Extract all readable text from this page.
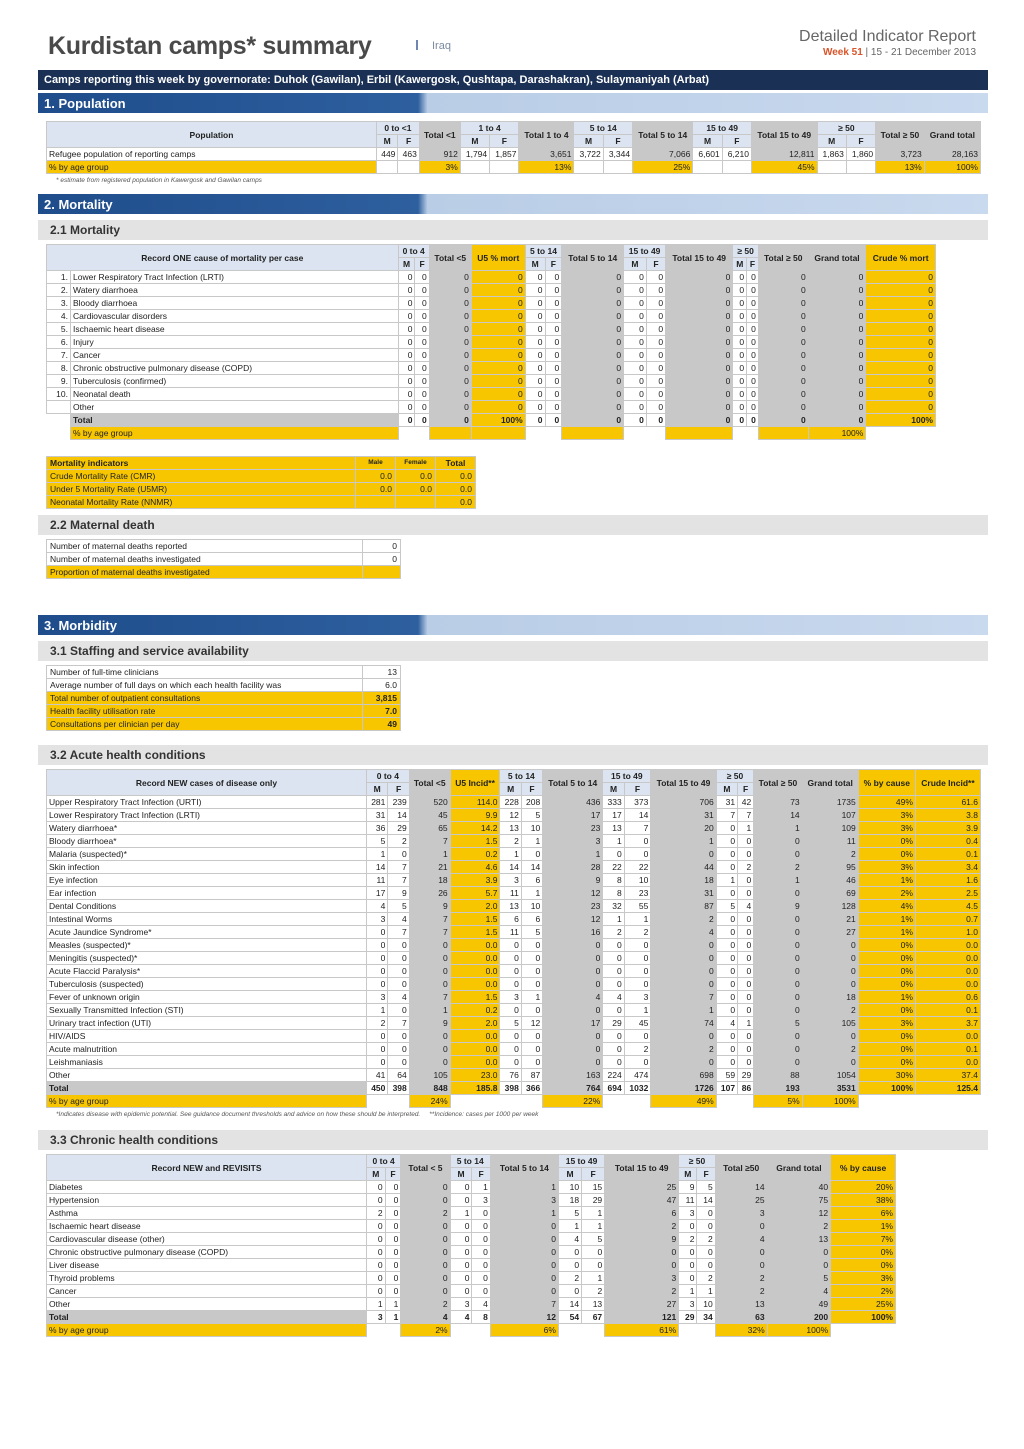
Kurdistan camps* summary	Iraq
Detailed Indicator Report
Week 51 | 15 - 21 December 2013
Camps reporting this week by governorate: Duhok (Gawilan), Erbil (Kawergosk, Qushtapa, Darashakran), Sulaymaniyah (Arbat)
1. Population
Population	0 to <1		Total <1	1 to 4		Total 1 to 4	5 to 14		Total 5 to 14	15 to 49		Total 15 to 49	≥ 50		Total ≥ 50	Grand total
	M	F		M	F		M	F		M	F		M	F		
Refugee population of reporting camps	449	463	912	1,794	1,857	3,651	3,722	3,344	7,066	6,601	6,210	12,811	1,863	1,860	3,723	28,163
% by age group			3%			13%			25%			45%			13%	100%
* estimate from registered population in Kawergosk and Gawilan camps
2. Mortality
2.1 Mortality
Record ONE cause of mortality per case		0 to 4		Total <5	U5 % mort	5 to 14		Total 5 to 14	15 to 49		Total 15 to 49	≥ 50		Total ≥ 50	Grand total	Crude % mort
		M	F			M	F		M	F		M	F			
1.	Lower Respiratory Tract Infection (LRTI)	0	0	0	0	0	0	0	0	0	0	0	0	0	0	0
2.	Watery diarrhoea	0	0	0	0	0	0	0	0	0	0	0	0	0	0	0
3.	Bloody diarrhoea	0	0	0	0	0	0	0	0	0	0	0	0	0	0	0
4.	Cardiovascular disorders	0	0	0	0	0	0	0	0	0	0	0	0	0	0	0
5.	Ischaemic heart disease	0	0	0	0	0	0	0	0	0	0	0	0	0	0	0
6.	Injury	0	0	0	0	0	0	0	0	0	0	0	0	0	0	0
7.	Cancer	0	0	0	0	0	0	0	0	0	0	0	0	0	0	0
8.	Chronic obstructive pulmonary disease (COPD)	0	0	0	0	0	0	0	0	0	0	0	0	0	0	0
9.	Tuberculosis (confirmed)	0	0	0	0	0	0	0	0	0	0	0	0	0	0	0
10.	Neonatal death	0	0	0	0	0	0	0	0	0	0	0	0	0	0	0
	Other	0	0	0	0	0	0	0	0	0	0	0	0	0	0	0
	Total	0	0	0	100%	0	0	0	0	0	0	0	0	0	0	100%
	% by age group														100%	
Mortality indicators	Male	Female	Total
Crude Mortality Rate (CMR)	0.0	0.0	0.0
Under 5 Mortality Rate (U5MR)	0.0	0.0	0.0
Neonatal Mortality Rate (NNMR)			0.0
2.2 Maternal death
Number of maternal deaths reported	0
Number of maternal deaths investigated	0
Proportion of maternal deaths investigated	
3. Morbidity
3.1 Staffing and service availability
Number of full-time clinicians	13
Average number of full days on which each health facility was	6.0
Total number of outpatient consultations	3,815
Health facility utilisation rate	7.0
Consultations per clinician per day	49
3.2 Acute health conditions
Record NEW cases of disease only	0 to 4		Total <5	U5 Incid**	5 to 14		Total 5 to 14	15 to 49		Total 15 to 49	≥ 50		Total ≥ 50	Grand total	% by cause	Crude Incid**
	M	F			M	F		M	F		M	F				
Upper Respiratory Tract Infection (URTI)	281	239	520	114.0	228	208	436	333	373	706	31	42	73	1735	49%	61.6
Lower Respiratory Tract Infection (LRTI)	31	14	45	9.9	12	5	17	17	14	31	7	7	14	107	3%	3.8
Watery diarrhoea*	36	29	65	14.2	13	10	23	13	7	20	0	1	1	109	3%	3.9
Bloody diarrhoea*	5	2	7	1.5	2	1	3	1	0	1	0	0	0	11	0%	0.4
Malaria (suspected)*	1	0	1	0.2	1	0	1	0	0	0	0	0	0	2	0%	0.1
Skin infection	14	7	21	4.6	14	14	28	22	22	44	0	2	2	95	3%	3.4
Eye infection	11	7	18	3.9	3	6	9	8	10	18	1	0	1	46	1%	1.6
Ear infection	17	9	26	5.7	11	1	12	8	23	31	0	0	0	69	2%	2.5
Dental Conditions	4	5	9	2.0	13	10	23	32	55	87	5	4	9	128	4%	4.5
Intestinal Worms	3	4	7	1.5	6	6	12	1	1	2	0	0	0	21	1%	0.7
Acute Jaundice Syndrome*	0	7	7	1.5	11	5	16	2	2	4	0	0	0	27	1%	1.0
Measles (suspected)*	0	0	0	0.0	0	0	0	0	0	0	0	0	0	0	0%	0.0
Meningitis (suspected)*	0	0	0	0.0	0	0	0	0	0	0	0	0	0	0	0%	0.0
Acute Flaccid Paralysis*	0	0	0	0.0	0	0	0	0	0	0	0	0	0	0	0%	0.0
Tuberculosis (suspected)	0	0	0	0.0	0	0	0	0	0	0	0	0	0	0	0%	0.0
Fever of unknown origin	3	4	7	1.5	3	1	4	4	3	7	0	0	0	18	1%	0.6
Sexually Transmitted Infection (STI)	1	0	1	0.2	0	0	0	0	1	1	0	0	0	2	0%	0.1
Urinary tract infection (UTI)	2	7	9	2.0	5	12	17	29	45	74	4	1	5	105	3%	3.7
HIV/AIDS	0	0	0	0.0	0	0	0	0	0	0	0	0	0	0	0%	0.0
Acute malnutrition	0	0	0	0.0	0	0	0	0	2	2	0	0	0	2	0%	0.1
Leishmaniasis	0	0	0	0.0	0	0	0	0	0	0	0	0	0	0	0%	0.0
Other	41	64	105	23.0	76	87	163	224	474	698	59	29	88	1054	30%	37.4
Total	450	398	848	185.8	398	366	764	694	1032	1726	107	86	193	3531	100%	125.4
% by age group			24%				22%			49%			5%	100%		
*Indicates disease with epidemic potential. See guidance document thresholds and advice on how these should be interpreted. **Incidence: cases per 1000 per week
3.3 Chronic health conditions
Record NEW and REVISITS	0 to 4		Total < 5	5 to 14		Total 5 to 14	15 to 49		Total 15 to 49	≥ 50		Total ≥50	Grand total	% by cause
	M	F		M	F		M	F		M	F			
Diabetes	0	0	0	0	1	1	10	15	25	9	5	14	40	20%
Hypertension	0	0	0	0	3	3	18	29	47	11	14	25	75	38%
Asthma	2	0	2	1	0	1	5	1	6	3	0	3	12	6%
Ischaemic heart disease	0	0	0	0	0	0	1	1	2	0	0	0	2	1%
Cardiovascular disease (other)	0	0	0	0	0	0	4	5	9	2	2	4	13	7%
Chronic obstructive pulmonary disease (COPD)	0	0	0	0	0	0	0	0	0	0	0	0	0	0%
Liver disease	0	0	0	0	0	0	0	0	0	0	0	0	0	0%
Thyroid problems	0	0	0	0	0	0	2	1	3	0	2	2	5	3%
Cancer	0	0	0	0	0	0	0	2	2	1	1	2	4	2%
Other	1	1	2	3	4	7	14	13	27	3	10	13	49	25%
Total	3	1	4	4	8	12	54	67	121	29	34	63	200	100%
% by age group			2%			6%			61%			32%	100%	
